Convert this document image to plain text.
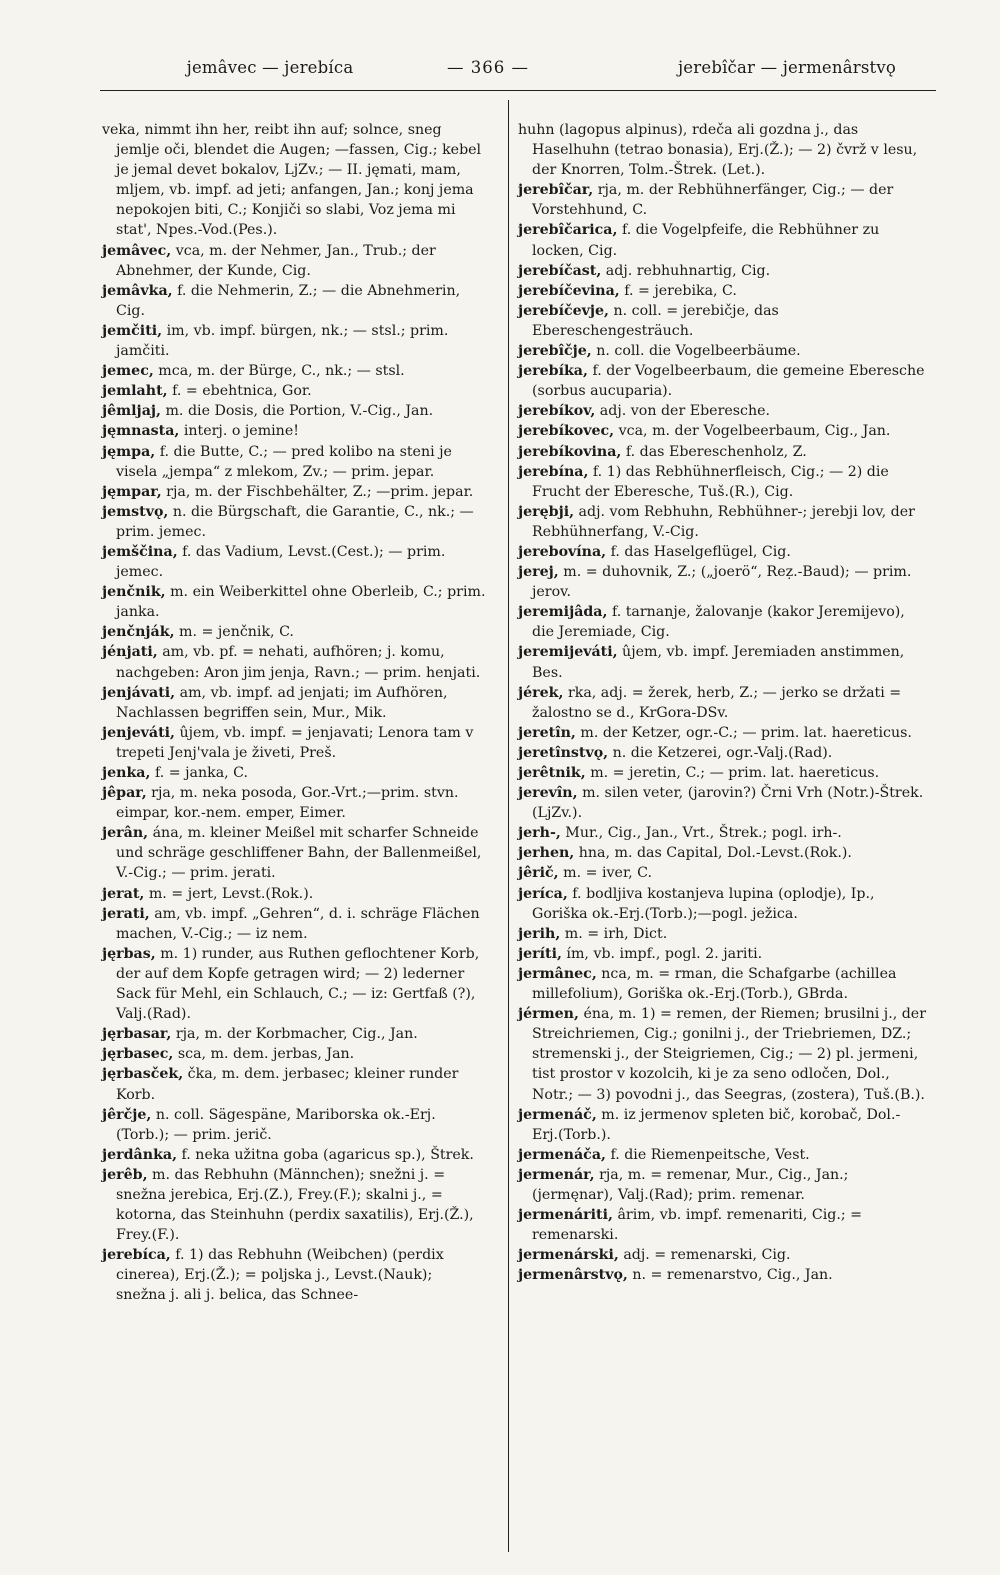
jemâvec — jerebíca	— 366 —	jerebîčar — jermenârstvǫ

veka, nimmt ihn her, reibt ihn auf; solnce, sneg jemlje oči, blendet die Augen; —fassen, Cig.; kebel je jemal devet bokalov, LjZv.; — II. jęmati, mam, mljem, vb. impf. ad jeti; anfangen, Jan.; konj jema nepokojen biti, C.; Konjiči so slabi, Voz jema mi stat', Npes.-Vod.(Pes.).

jemâvec, vca, m. der Nehmer, Jan., Trub.; der Abnehmer, der Kunde, Cig.

jemâvka, f. die Nehmerin, Z.; — die Abnehmerin, Cig.

jemčiti, im, vb. impf. bürgen, nk.; — stsl.; prim. jamčiti.

jemec, mca, m. der Bürge, C., nk.; — stsl.

jemlaht, f. = ebehtnica, Gor.

jêmljaj, m. die Dosis, die Portion, V.-Cig., Jan.

jęmnasta, interj. o jemine!

jęmpa, f. die Butte, C.; — pred kolibo na steni je visela „jempa“ z mlekom, Zv.; — prim. jepar.

jęmpar, rja, m. der Fischbehälter, Z.; —prim. jepar.

jemstvǫ, n. die Bürgschaft, die Garantie, C., nk.; — prim. jemec.

jemščina, f. das Vadium, Levst.(Cest.); — prim. jemec.

jenčnik, m. ein Weiberkittel ohne Oberleib, C.; prim. janka.

jenčnják, m. = jenčnik, C.

jénjati, am, vb. pf. = nehati, aufhören; j. komu, nachgeben: Aron jim jenja, Ravn.; — prim. henjati.

jenjávati, am, vb. impf. ad jenjati; im Aufhören, Nachlassen begriffen sein, Mur., Mik.

jenjeváti, ûjem, vb. impf. = jenjavati; Lenora tam v trepeti Jenj'vala je živeti, Preš.

jenka, f. = janka, C.

jêpar, rja, m. neka posoda, Gor.-Vrt.;—prim. stvn. eimpar, kor.-nem. emper, Eimer.

jerân, ána, m. kleiner Meißel mit scharfer Schneide und schräge geschliffener Bahn, der Ballenmeißel, V.-Cig.; — prim. jerati.

jerat, m. = jert, Levst.(Rok.).

jerati, am, vb. impf. „Gehren“, d. i. schräge Flächen machen, V.-Cig.; — iz nem.

jęrbas, m. 1) runder, aus Ruthen geflochtener Korb, der auf dem Kopfe getragen wird; — 2) lederner Sack für Mehl, ein Schlauch, C.; — iz: Gertfaß (?), Valj.(Rad).

jęrbasar, rja, m. der Korbmacher, Cig., Jan.

jęrbasec, sca, m. dem. jerbas, Jan.

jęrbasček, čka, m. dem. jerbasec; kleiner runder Korb.

jêrčje, n. coll. Sägespäne, Mariborska ok.-Erj.(Torb.); — prim. jerič.

jerdânka, f. neka užitna goba (agaricus sp.), Štrek.

jerêb, m. das Rebhuhn (Männchen); snežni j. = snežna jerebica, Erj.(Z.), Frey.(F.); skalni j., = kotorna, das Steinhuhn (perdix saxatilis), Erj.(Ž.), Frey.(F.).

jerebíca, f. 1) das Rebhuhn (Weibchen) (perdix cinerea), Erj.(Ž.); = poljska j., Levst.(Nauk); snežna j. ali j. belica, das Schnee-

huhn (lagopus alpinus), rdeča ali gozdna j., das Haselhuhn (tetrao bonasia), Erj.(Ž.); — 2) čvrž v lesu, der Knorren, Tolm.-Štrek. (Let.).

jerebîčar, rja, m. der Rebhühnerfänger, Cig.; — der Vorstehhund, C.

jerebîčarica, f. die Vogelpfeife, die Rebhühner zu locken, Cig.

jerebíčast, adj. rebhuhnartig, Cig.

jerebíčevina, f. = jerebika, C.

jerebíčevje, n. coll. = jerebičje, das Ebereschengesträuch.

jerebîčje, n. coll. die Vogelbeerbäume.

jerebíka, f. der Vogelbeerbaum, die gemeine Eberesche (sorbus aucuparia).

jerebíkov, adj. von der Eberesche.

jerebíkovec, vca, m. der Vogelbeerbaum, Cig., Jan.

jerebíkovina, f. das Ebereschenholz, Z.

jerebína, f. 1) das Rebhühnerfleisch, Cig.; — 2) die Frucht der Eberesche, Tuš.(R.), Cig.

jerębji, adj. vom Rebhuhn, Rebhühner-; jerebji lov, der Rebhühnerfang, V.-Cig.

jerebovína, f. das Haselgeflügel, Cig.

jerej, m. = duhovnik, Z.; („joerö“, Reẓ.-Baud); — prim. jerov.

jeremijâda, f. tarnanje, žalovanje (kakor Jeremijevo), die Jeremiade, Cig.

jeremijeváti, ûjem, vb. impf. Jeremiaden anstimmen, Bes.

jérek, rka, adj. = žerek, herb, Z.; — jerko se držati = žalostno se d., KrGora-DSv.

jeretîn, m. der Ketzer, ogr.-C.; — prim. lat. haereticus.

jeretînstvǫ, n. die Ketzerei, ogr.-Valj.(Rad).

jerêtnik, m. = jeretin, C.; — prim. lat. haereticus.

jerevîn, m. silen veter, (jarovin?) Črni Vrh (Notr.)-Štrek.(LjZv.).

jerh-, Mur., Cig., Jan., Vrt., Štrek.; pogl. irh-.

jerhen, hna, m. das Capital, Dol.-Levst.(Rok.).

jêrič, m. = iver, C.

jeríca, f. bodljiva kostanjeva lupina (oplodje), Ip., Goriška ok.-Erj.(Torb.);—pogl. ježica.

jerih, m. = irh, Dict.

jeríti, ím, vb. impf., pogl. 2. jariti.

jermânec, nca, m. = rman, die Schafgarbe (achillea millefolium), Goriška ok.-Erj.(Torb.), GBrda.

jérmen, éna, m. 1) = remen, der Riemen; brusilni j., der Streichriemen, Cig.; gonilni j., der Triebriemen, DZ.; stremenski j., der Steigriemen, Cig.; — 2) pl. jermeni, tist prostor v kozolcih, ki je za seno odločen, Dol., Notr.; — 3) povodni j., das Seegras, (zostera), Tuš.(B.).

jermenáč, m. iz jermenov spleten bič, korobač, Dol.-Erj.(Torb.).

jermenáča, f. die Riemenpeitsche, Vest.

jermenár, rja, m. = remenar, Mur., Cig., Jan.; (jermęnar), Valj.(Rad); prim. remenar.

jermenáriti, ârim, vb. impf. remenariti, Cig.; = remenarski.

jermenárski, adj. = remenarski, Cig.

jermenârstvǫ, n. = remenarstvo, Cig., Jan.
